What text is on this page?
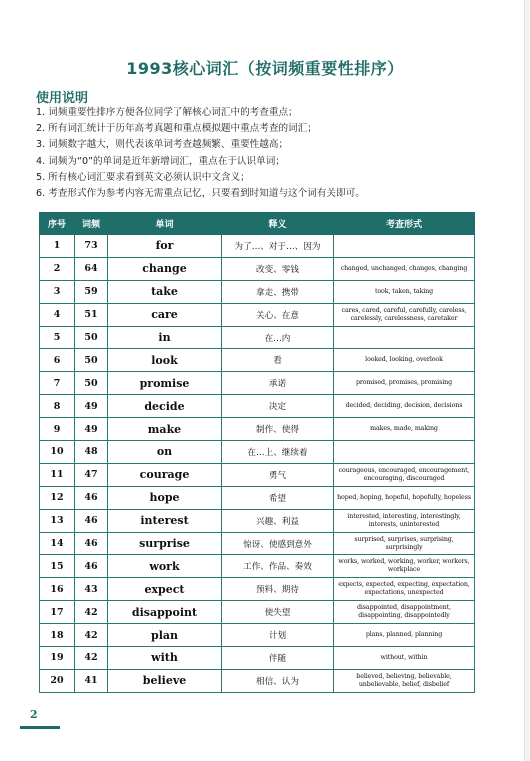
1993核心词汇（按词频重要性排序）
使用说明
1. 词频重要性排序方便各位同学了解核心词汇中的考查重点；
2. 所有词汇统计于历年高考真题和重点模拟题中重点考查的词汇；
3. 词频数字越大，则代表该单词考查越频繁、重要性越高；
4. 词频为“0”的单词是近年新增词汇，重点在于认识单词；
5. 所有核心词汇要求看到英文必须认识中文含义；
6. 考查形式作为参考内容无需重点记忆，只要看到时知道与这个词有关即可。
序号	词频	单词	释义	考查形式
1	73	for	为了…、对于…、因为	
2	64	change	改变、零钱	changed, unchanged, changes, changing
3	59	take	拿走、携带	took, taken, taking
4	51	care	关心、在意	cares, cared, careful, carefully, careless, carelessly, carelessness, caretaker
5	50	in	在…内	
6	50	look	看	looked, looking, overlook
7	50	promise	承诺	promised, promises, promising
8	49	decide	决定	decided, deciding, decision, decisions
9	49	make	制作、使得	makes, made, making
10	48	on	在…上、继续着	
11	47	courage	勇气	courageous, encouraged, encouragement, encouraging, discouraged
12	46	hope	希望	hoped, hoping, hopeful, hopefully, hopeless
13	46	interest	兴趣、利益	interested, interesting, interestingly, interests, uninterested
14	46	surprise	惊讶、使感到意外	surprised, surprises, surprising, surprisingly
15	46	work	工作、作品、奏效	works, worked, working, worker, workers, workplace
16	43	expect	预料、期待	expects, expected, expecting, expectation, expectations, unexpected
17	42	disappoint	使失望	disappointed, disappointment, disappointing, disappointedly
18	42	plan	计划	plans, planned, planning
19	42	with	伴随	without, within
20	41	believe	相信、认为	believed, believing, believable, unbelievable, belief, disbelief
2
